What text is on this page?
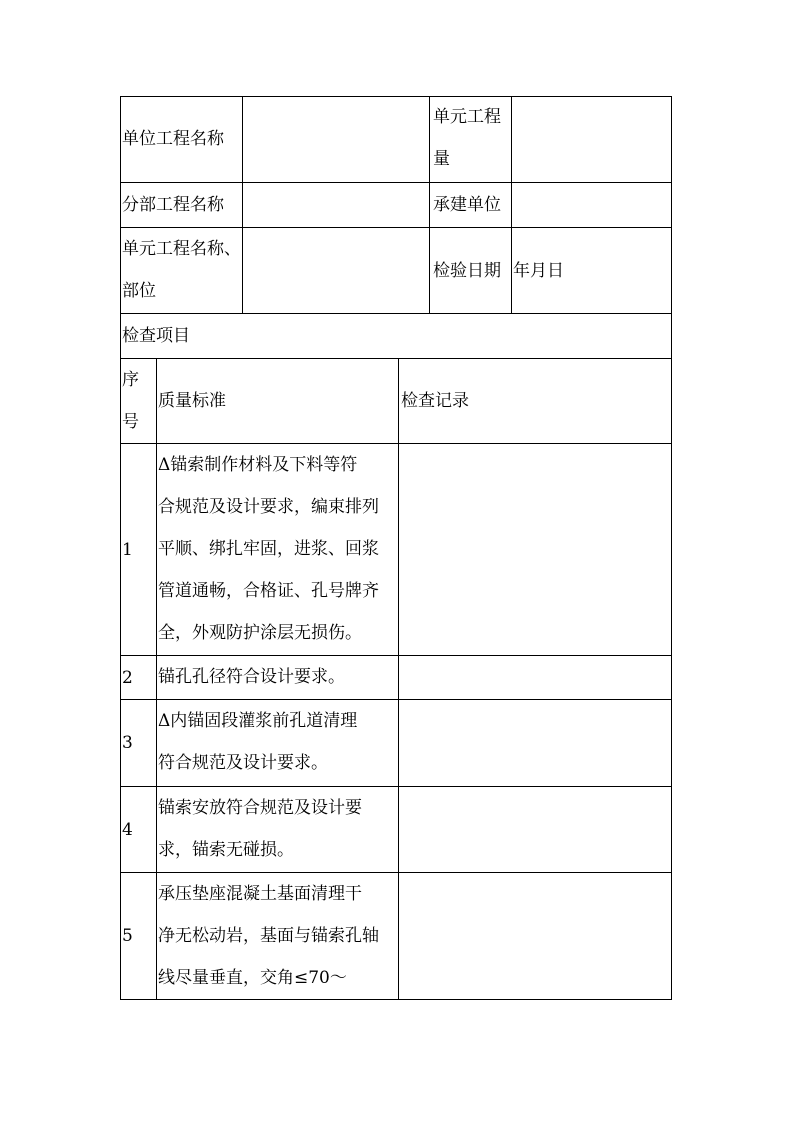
单位工程名称
单元工程
量
分部工程名称	承建单位
单元工程名称、
部位
检验日期 年月日
检查项目
序
号
质量标准	检查记录
1
Δ锚索制作材料及下料等符
合规范及设计要求，编束排列
平顺、绑扎牢固，进浆、回浆
管道通畅，合格证、孔号牌齐
全，外观防护涂层无损伤。
2 锚孔孔径符合设计要求。
3
Δ内锚固段灌浆前孔道清理
符合规范及设计要求。
4
锚索安放符合规范及设计要
求，锚索无碰损。
5
承压垫座混凝土基面清理干
净无松动岩，基面与锚索孔轴
线尽量垂直，交角≤70～
